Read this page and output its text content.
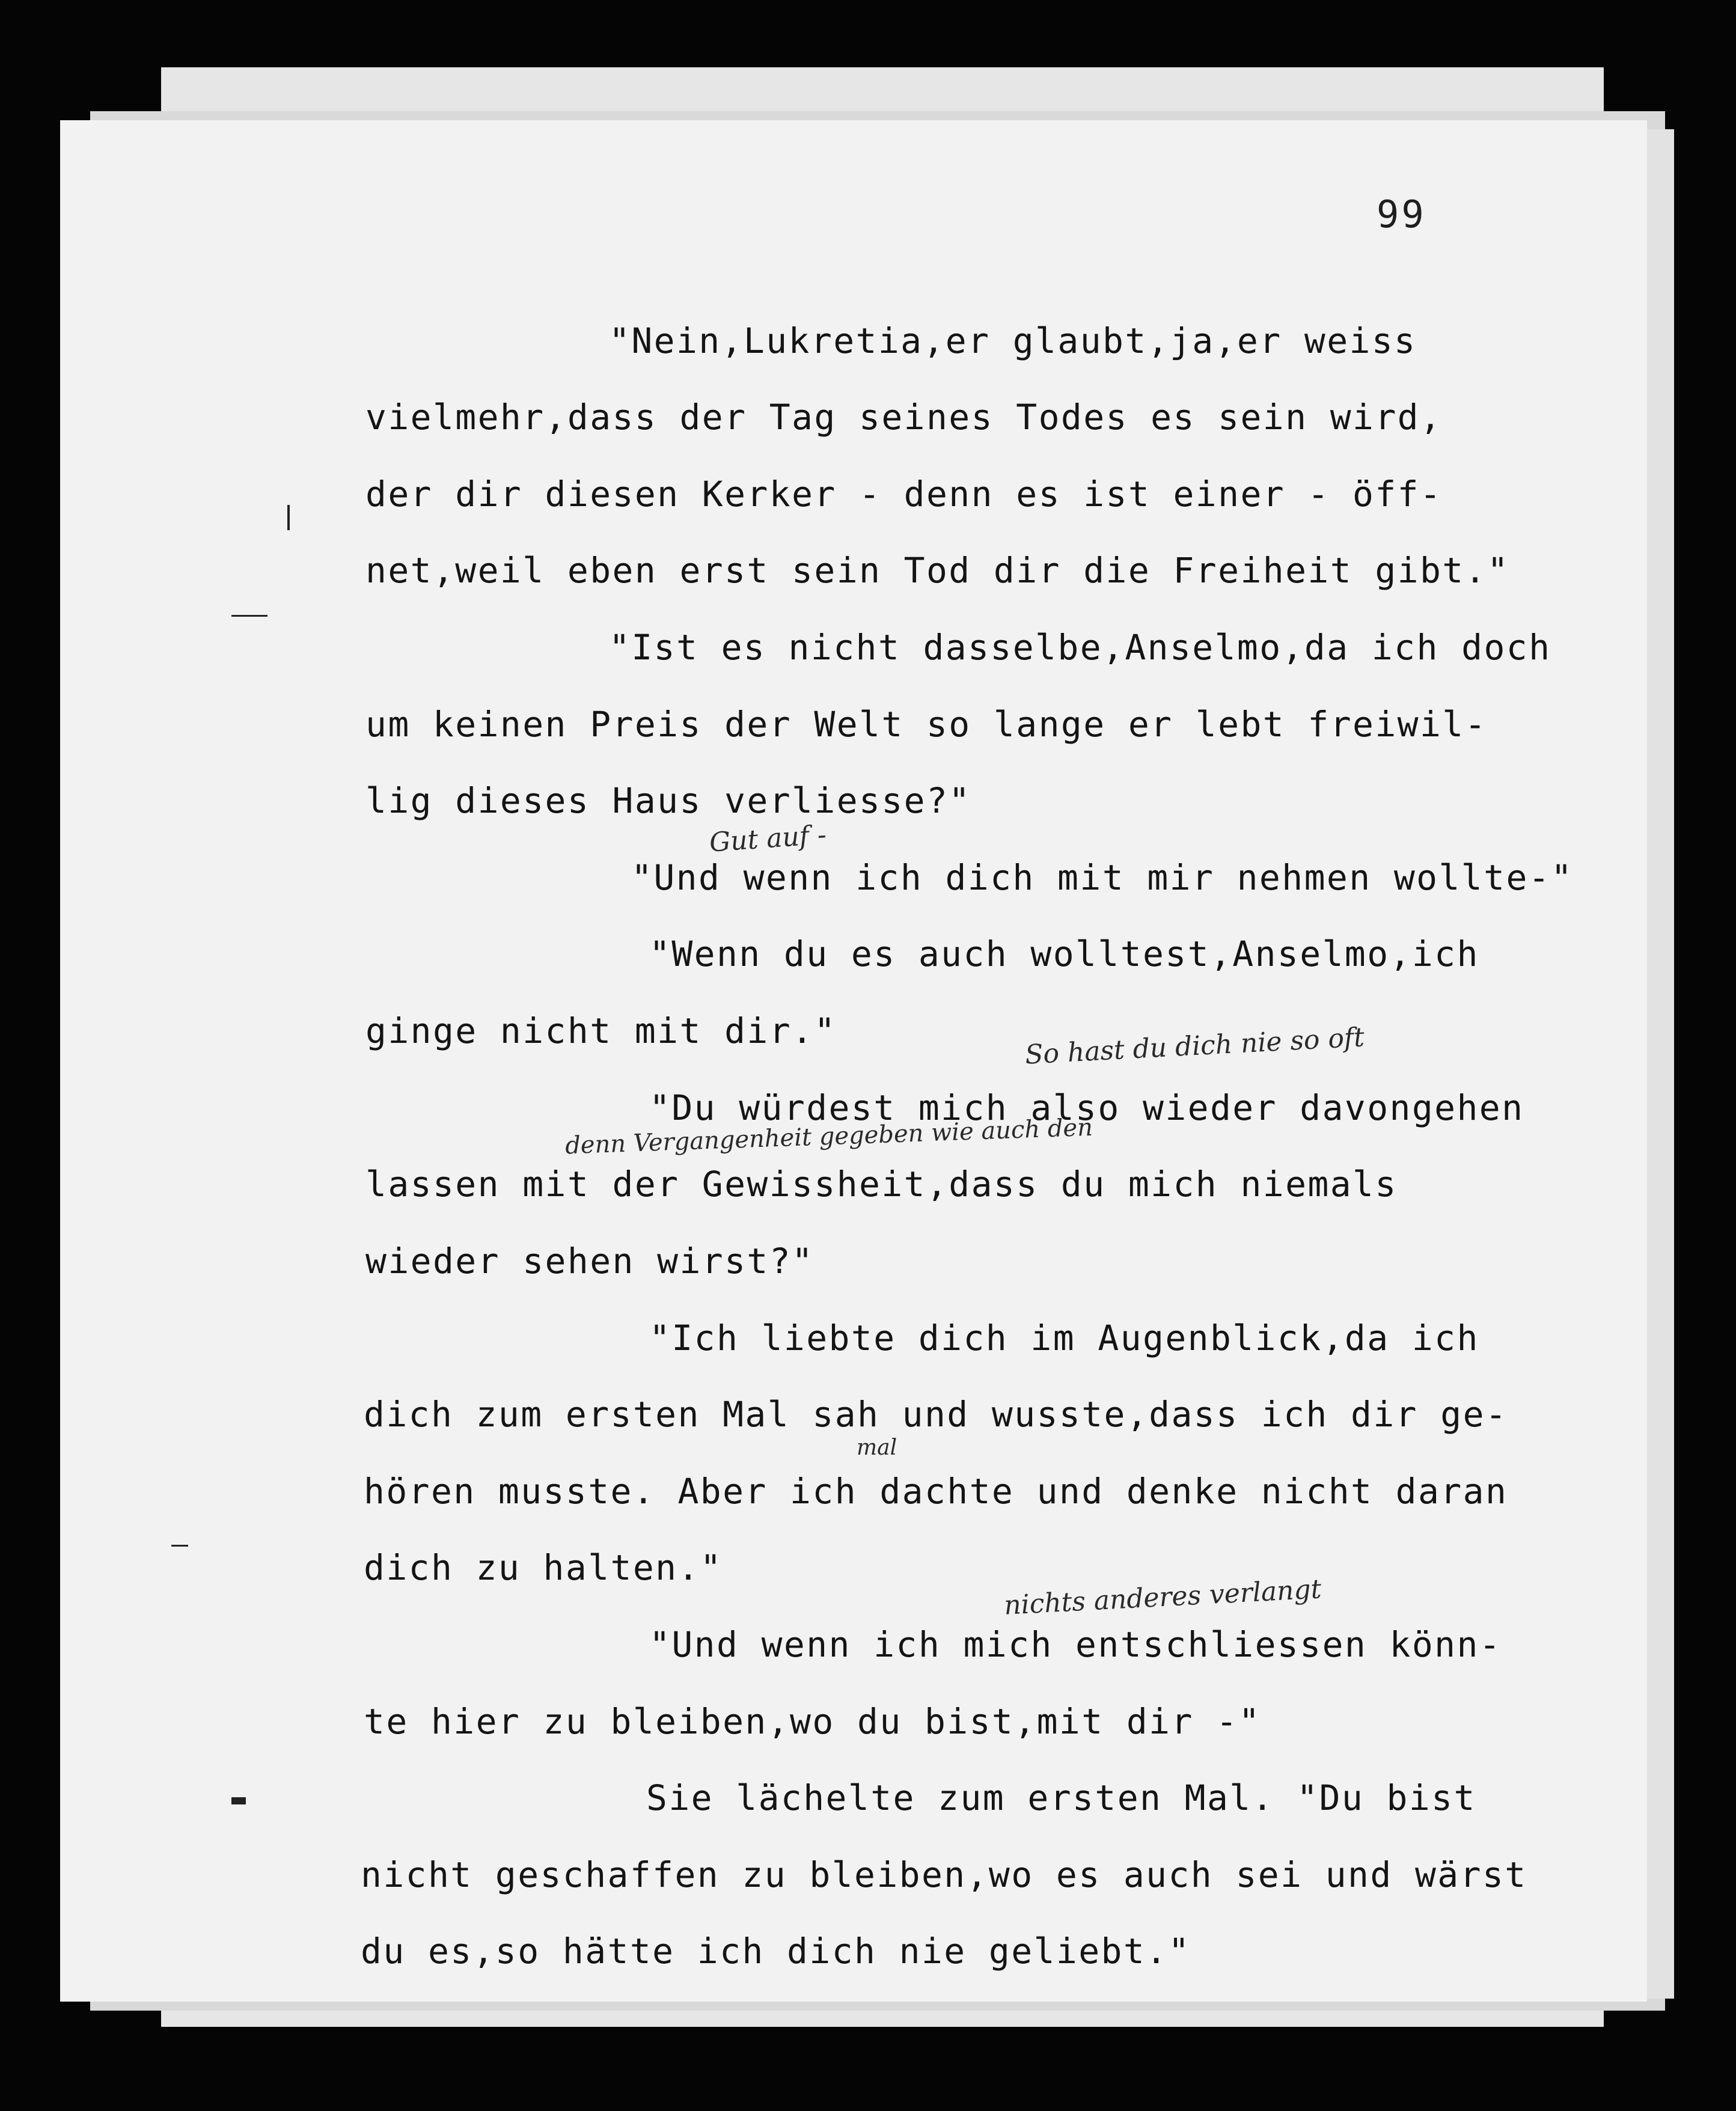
99
"Nein,Lukretia,er glaubt,ja,er weiss
vielmehr,dass der Tag seines Todes es sein wird,
der dir diesen Kerker - denn es ist einer - öff-
net,weil eben erst sein Tod dir die Freiheit gibt."
"Ist es nicht dasselbe,Anselmo,da ich doch
um keinen Preis der Welt so lange er lebt freiwil-
lig dieses Haus verliesse?"
"Und wenn ich dich mit mir nehmen wollte-"
"Wenn du es auch wolltest,Anselmo,ich
ginge nicht mit dir."
"Du würdest mich also wieder davongehen
lassen mit der Gewissheit,dass du mich niemals
wieder sehen wirst?"
"Ich liebte dich im Augenblick,da ich
dich zum ersten Mal sah und wusste,dass ich dir ge-
hören musste. Aber ich dachte und denke nicht daran
dich zu halten."
"Und wenn ich mich entschliessen könn-
te hier zu bleiben,wo du bist,mit dir -"
Sie lächelte zum ersten Mal. "Du bist
nicht geschaffen zu bleiben,wo es auch sei und wärst
du es,so hätte ich dich nie geliebt."
Gut auf -
So hast du dich nie so oft
denn Vergangenheit gegeben wie auch den
mal
nichts anderes verlangt
